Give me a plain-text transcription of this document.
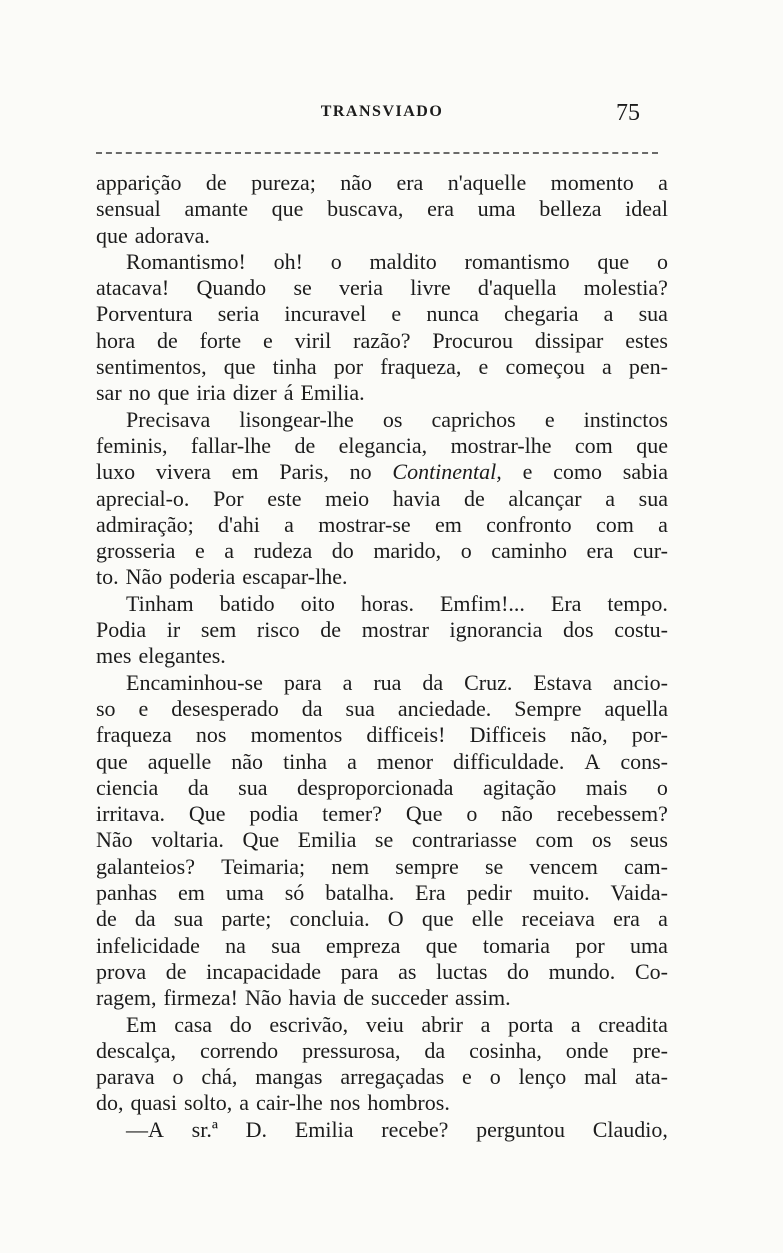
TRANSVIADO	75
apparição de pureza; não era n'aquelle momento a
sensual amante que buscava, era uma belleza ideal
que adorava.
Romantismo! oh! o maldito romantismo que o
atacava! Quando se veria livre d'aquella molestia?
Porventura seria incuravel e nunca chegaria a sua
hora de forte e viril razão? Procurou dissipar estes
sentimentos, que tinha por fraqueza, e começou a pen-
sar no que iria dizer á Emilia.
Precisava lisongear-lhe os caprichos e instinctos
feminis, fallar-lhe de elegancia, mostrar-lhe com que
luxo vivera em Paris, no Continental, e como sabia
aprecial-o. Por este meio havia de alcançar a sua
admiração; d'ahi a mostrar-se em confronto com a
grosseria e a rudeza do marido, o caminho era cur-
to. Não poderia escapar-lhe.
Tinham batido oito horas. Emfim!... Era tempo.
Podia ir sem risco de mostrar ignorancia dos costu-
mes elegantes.
Encaminhou-se para a rua da Cruz. Estava ancio-
so e desesperado da sua anciedade. Sempre aquella
fraqueza nos momentos difficeis! Difficeis não, por-
que aquelle não tinha a menor difficuldade. A cons-
ciencia da sua desproporcionada agitação mais o
irritava. Que podia temer? Que o não recebessem?
Não voltaria. Que Emilia se contrariasse com os seus
galanteios? Teimaria; nem sempre se vencem cam-
panhas em uma só batalha. Era pedir muito. Vaida-
de da sua parte; concluia. O que elle receiava era a
infelicidade na sua empreza que tomaria por uma
prova de incapacidade para as luctas do mundo. Co-
ragem, firmeza! Não havia de succeder assim.
Em casa do escrivão, veiu abrir a porta a creadita
descalça, correndo pressurosa, da cosinha, onde pre-
parava o chá, mangas arregaçadas e o lenço mal ata-
do, quasi solto, a cair-lhe nos hombros.
—A sr.ª D. Emilia recebe? perguntou Claudio,
